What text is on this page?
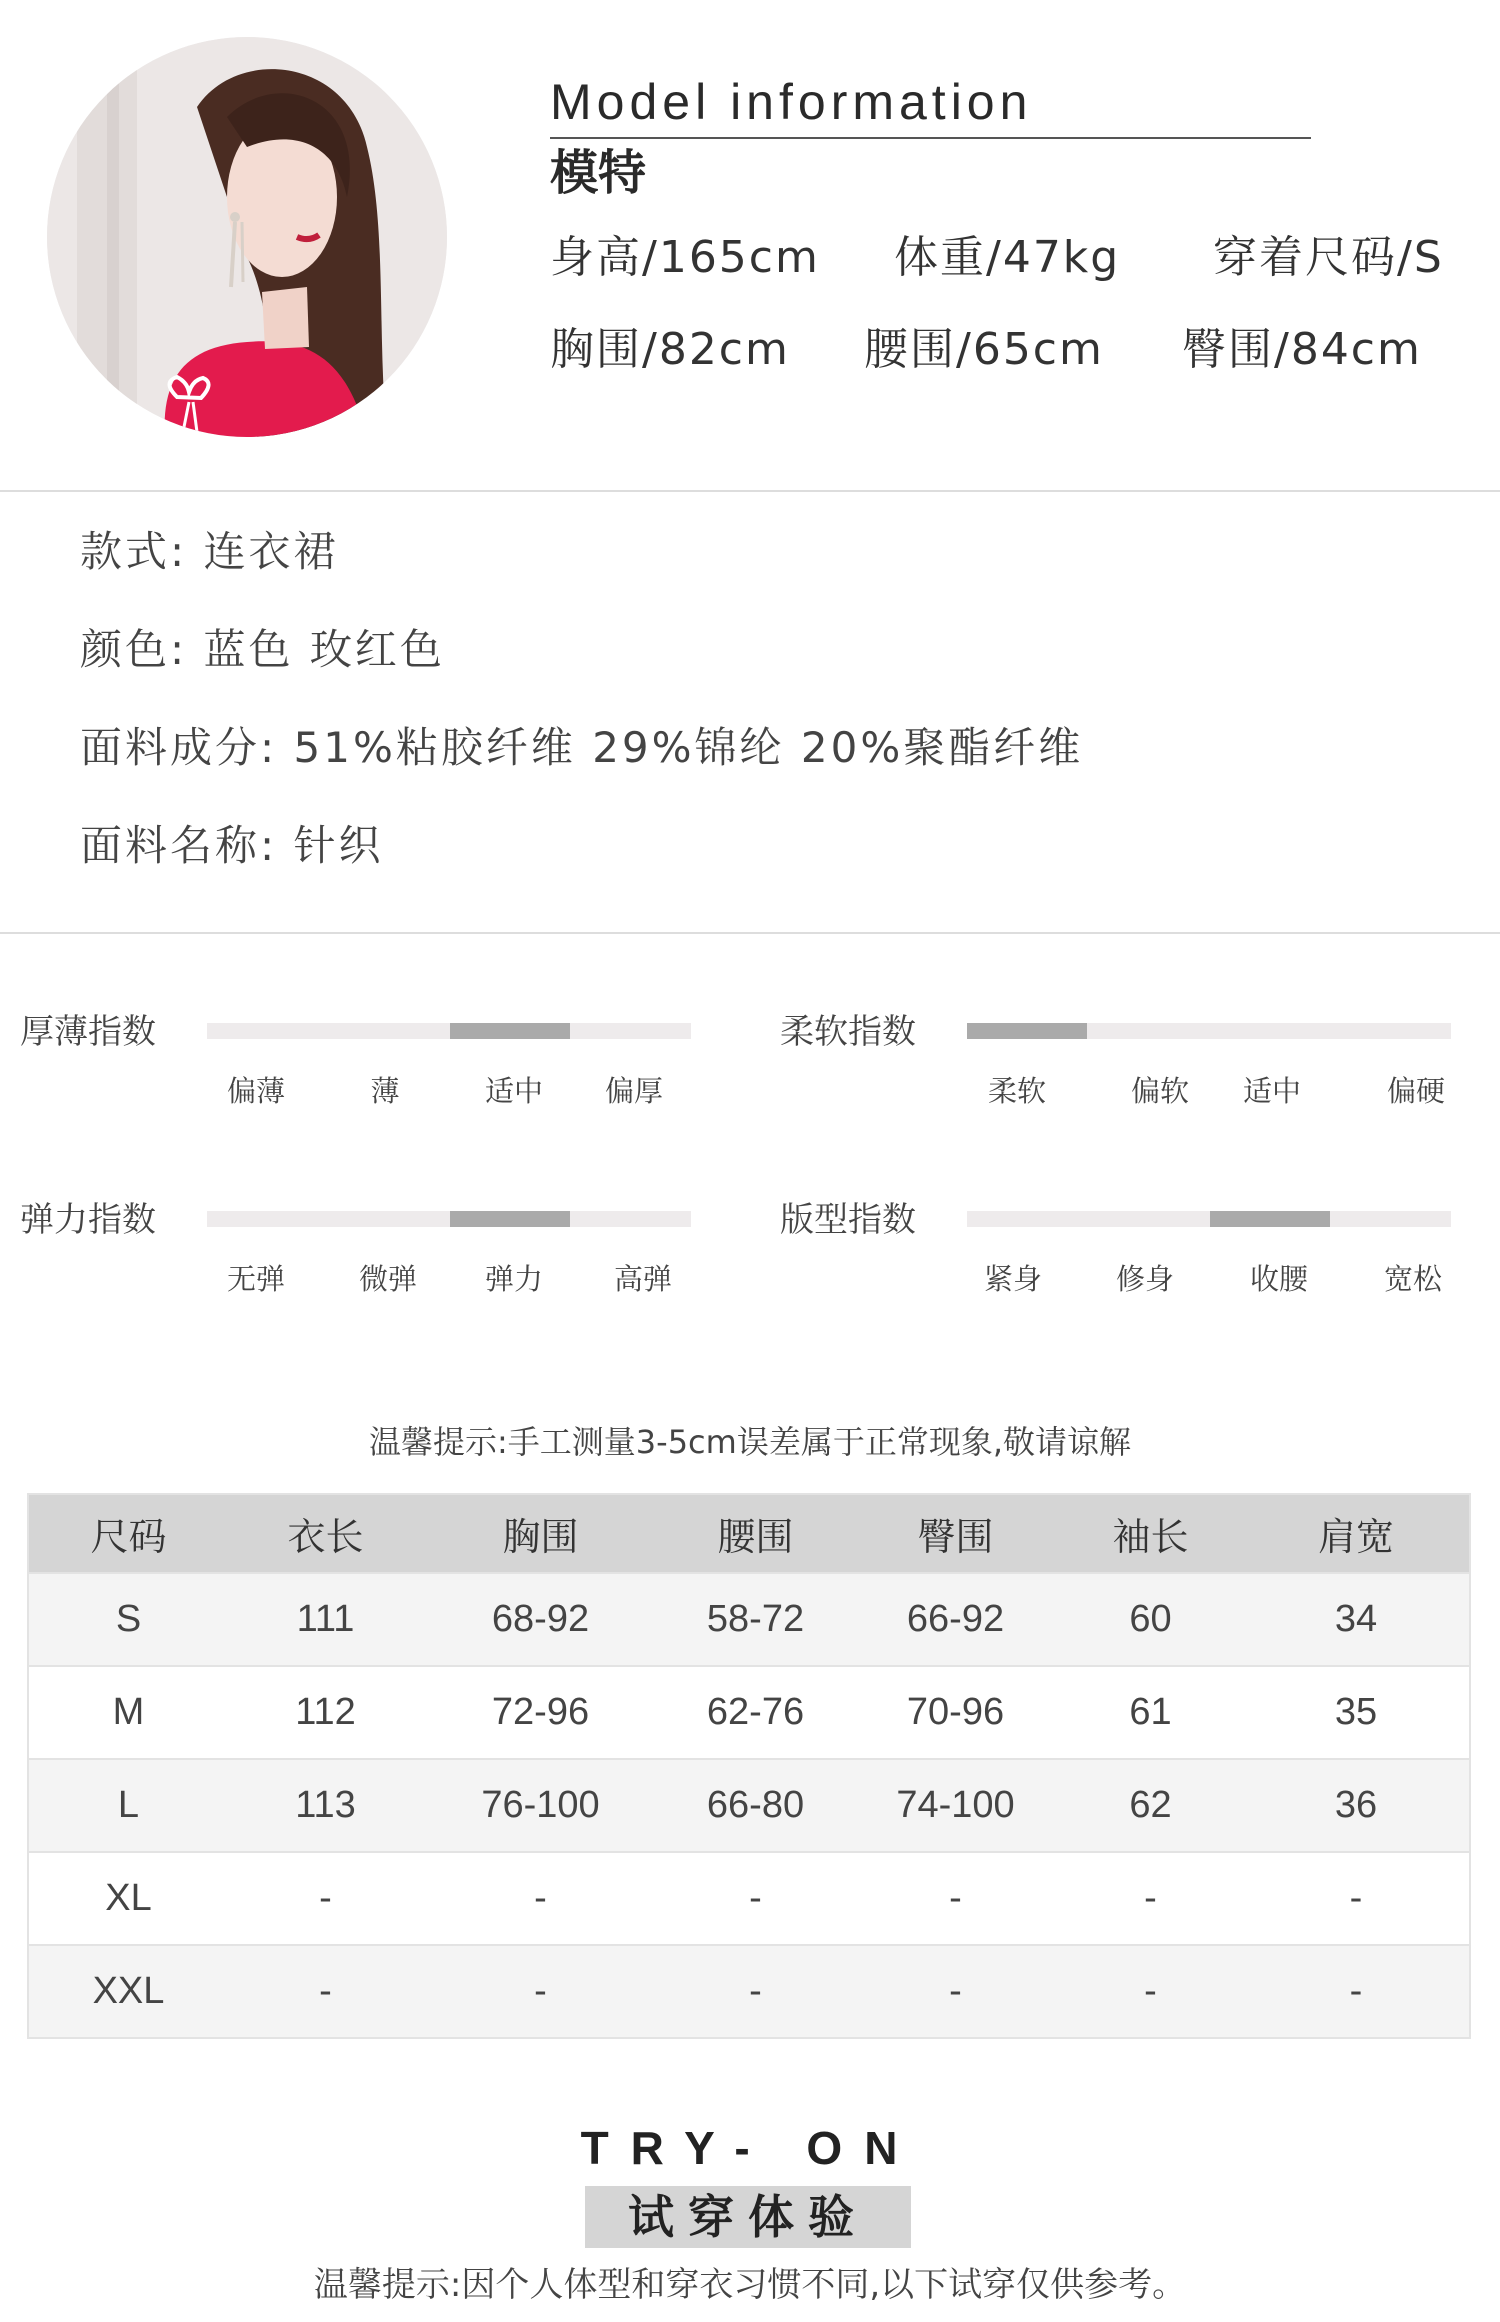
Model information
模特
身高/165cm 体重/47kg 穿着尺码/S
胸围/82cm 腰围/65cm 臀围/84cm
款式: 连衣裙
颜色: 蓝色 玫红色
面料成分: 51%粘胶纤维 29%锦纶 20%聚酯纤维
面料名称: 针织
厚薄指数
偏薄	薄	适中 偏厚
柔软指数
柔软	偏软 适中	偏硬
弹力指数
无弹	微弹 弹力 高弹
版型指数
紧身	修身	收腰	宽松
温馨提示:手工测量3-5cm误差属于正常现象,敬请谅解
尺码	衣长	胸围	腰围	臀围	袖长	肩宽
S	111	68-92	58-72	66-92	60	34
M	112	72-96	62-76	70-96	61	35
L	113	76-100	66-80	74-100	62	36
XL	-	-	-	-	-	-
XXL	-	-	-	-	-	-
TRY- ON
试穿体验
温馨提示:因个人体型和穿衣习惯不同,以下试穿仅供参考。
